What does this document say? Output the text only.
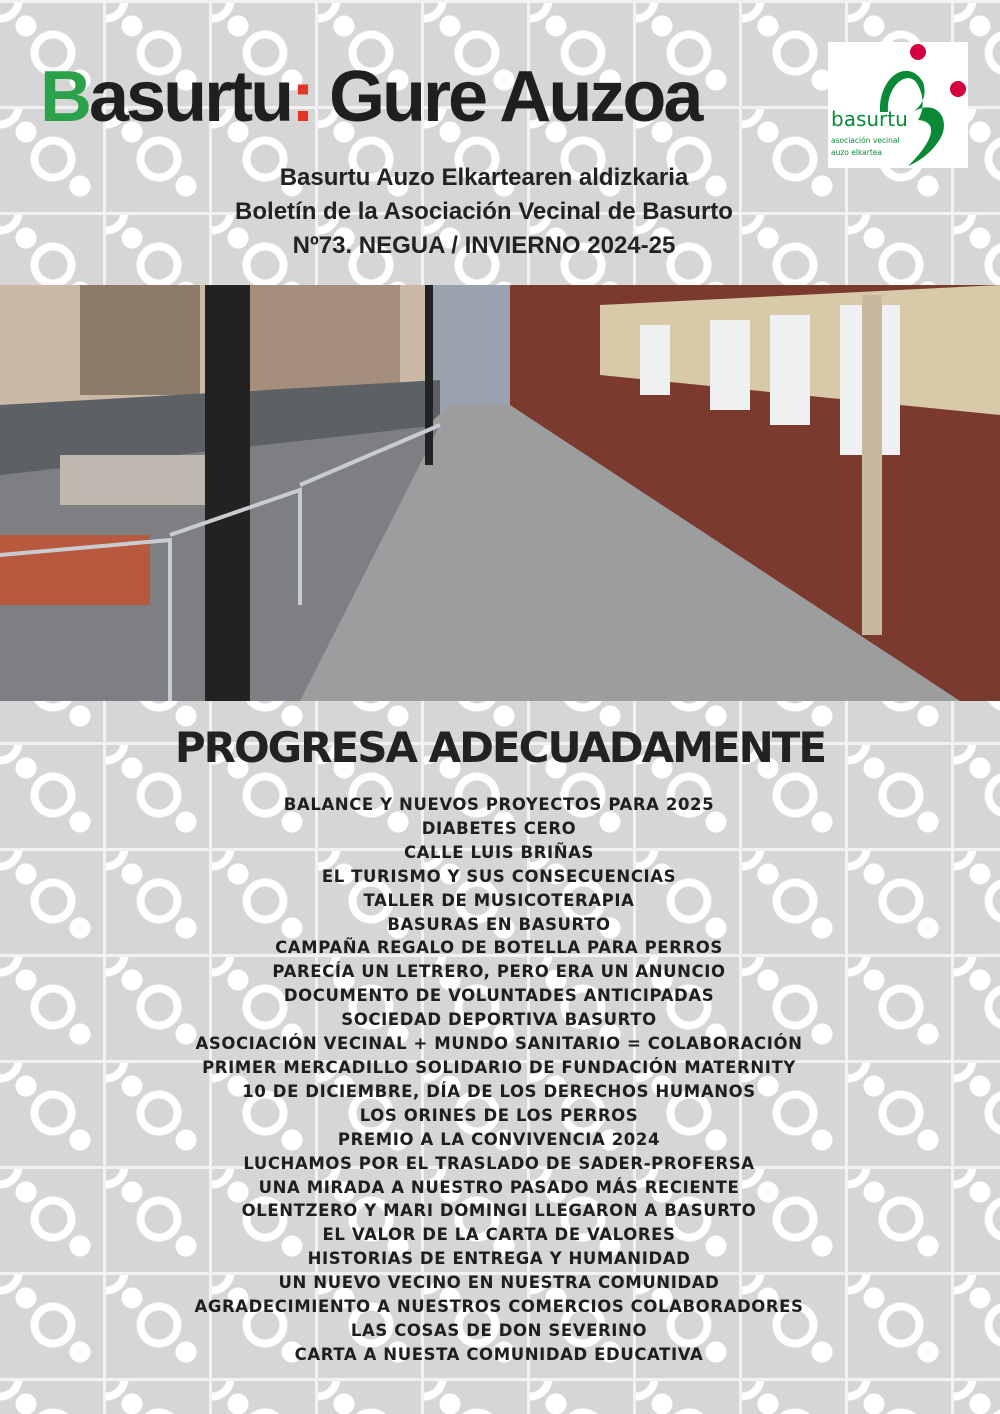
Basurtu: Gure Auzoa	basurtu
asociación vecinal
auzo elkartea
Basurtu Auzo Elkartearen aldizkaria
Boletín de la Asociación Vecinal de Basurto
Nº73. NEGUA / INVIERNO 2024-25
PROGRESA ADECUADAMENTE
BALANCE Y NUEVOS PROYECTOS PARA 2025
DIABETES CERO
CALLE LUIS BRIÑAS
EL TURISMO Y SUS CONSECUENCIAS
TALLER DE MUSICOTERAPIA
BASURAS EN BASURTO
CAMPAÑA REGALO DE BOTELLA PARA PERROS
PARECÍA UN LETRERO, PERO ERA UN ANUNCIO
DOCUMENTO DE VOLUNTADES ANTICIPADAS
SOCIEDAD DEPORTIVA BASURTO
ASOCIACIÓN VECINAL + MUNDO SANITARIO = COLABORACIÓN
PRIMER MERCADILLO SOLIDARIO DE FUNDACIÓN MATERNITY
10 DE DICIEMBRE, DÍA DE LOS DERECHOS HUMANOS
LOS ORINES DE LOS PERROS
PREMIO A LA CONVIVENCIA 2024
LUCHAMOS POR EL TRASLADO DE SADER-PROFERSA
UNA MIRADA A NUESTRO PASADO MÁS RECIENTE
OLENTZERO Y MARI DOMINGI LLEGARON A BASURTO
EL VALOR DE LA CARTA DE VALORES
HISTORIAS DE ENTREGA Y HUMANIDAD
UN NUEVO VECINO EN NUESTRA COMUNIDAD
AGRADECIMIENTO A NUESTROS COMERCIOS COLABORADORES
LAS COSAS DE DON SEVERINO
CARTA A NUESTA COMUNIDAD EDUCATIVA
